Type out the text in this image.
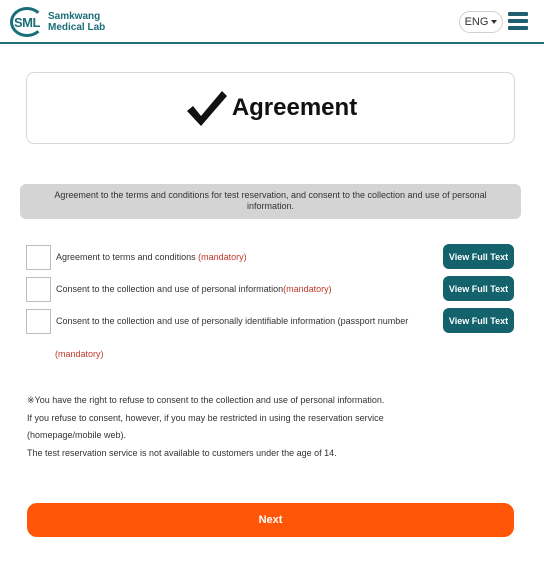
SML Samkwang
Medical Lab	ENG
Agreement
Agreement to the terms and conditions for test reservation, and consent to the collection and use of personal information.
Agreement to terms and conditions (mandatory)	View Full Text
Consent to the collection and use of personal information(mandatory)	View Full Text
Consent to the collection and use of personally identifiable information (passport number	View Full Text
(mandatory)
※You have the right to refuse to consent to the collection and use of personal information.
If you refuse to consent, however, if you may be restricted in using the reservation service
(homepage/mobile web).
The test reservation service is not available to customers under the age of 14.
Next
